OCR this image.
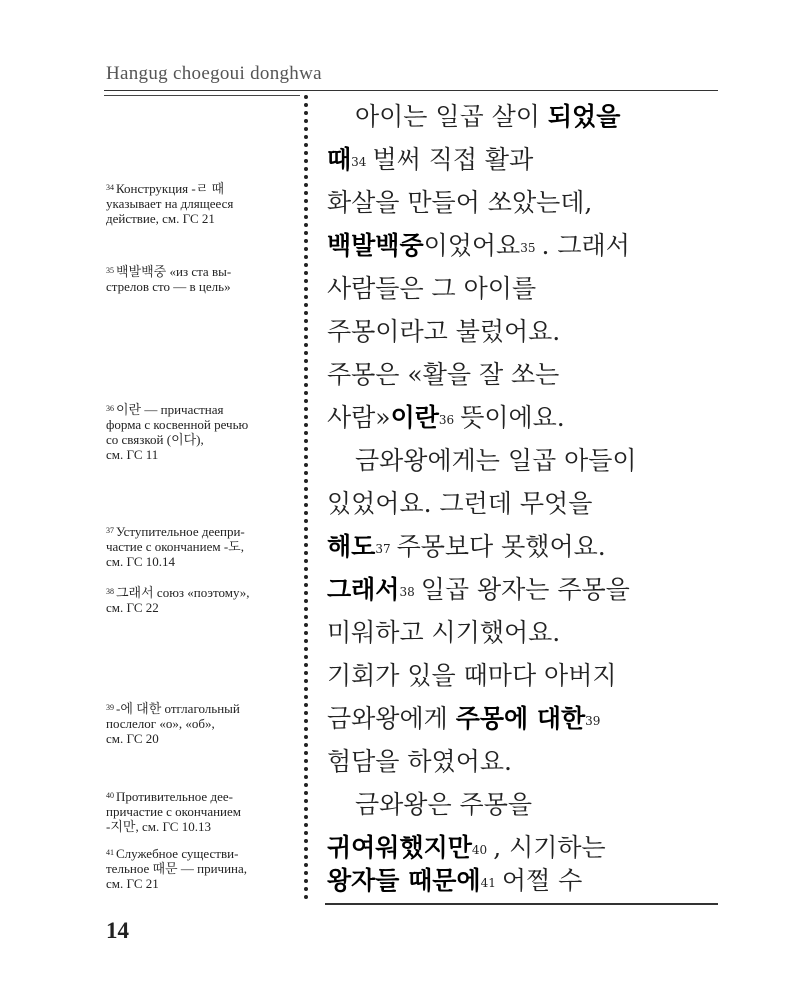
Hangug choegoui donghwa
$^{34}$ Конструкция -ㄹ 때
указывает на длящееся
действие, см. ГС 21
$^{35}$ 백발백중 «из ста вы-
стрелов сто — в цель»
$^{36}$ 이란 — причастная
форма с косвенной речью
со связкой (이다),
см. ГС 11
$^{37}$ Уступительное деепри-
частие с окончанием -도,
см. ГС 10.14
$^{38}$ 그래서 союз «поэтому»,
см. ГС 22
$^{39}$ -에 대한 отглагольный
послелог «о», «об»,
см. ГС 20
$^{40}$ Противительное дее-
причастие с окончанием
-지만, см. ГС 10.13
$^{41}$ Служебное существи-
тельное 때문 — причина,
см. ГС 21
아이는 일곱 살이 되었을
때$^{34}$ 벌써 직접 활과
화살을 만들어 쏘았는데,
백발백중이었어요$^{35}$ . 그래서
사람들은 그 아이를
주몽이라고 불렀어요.
주몽은 «활을 잘 쏘는
사람»이란$^{36}$ 뜻이에요.
금와왕에게는 일곱 아들이
있었어요. 그런데 무엇을
해도$^{37}$ 주몽보다 못했어요.
그래서$^{38}$ 일곱 왕자는 주몽을
미워하고 시기했어요.
기회가 있을 때마다 아버지
금와왕에게 주몽에 대한$^{39}$
험담을 하였어요.
금와왕은 주몽을
귀여워했지만$^{40}$ , 시기하는
왕자들 때문에$^{41}$ 어쩔 수
14
